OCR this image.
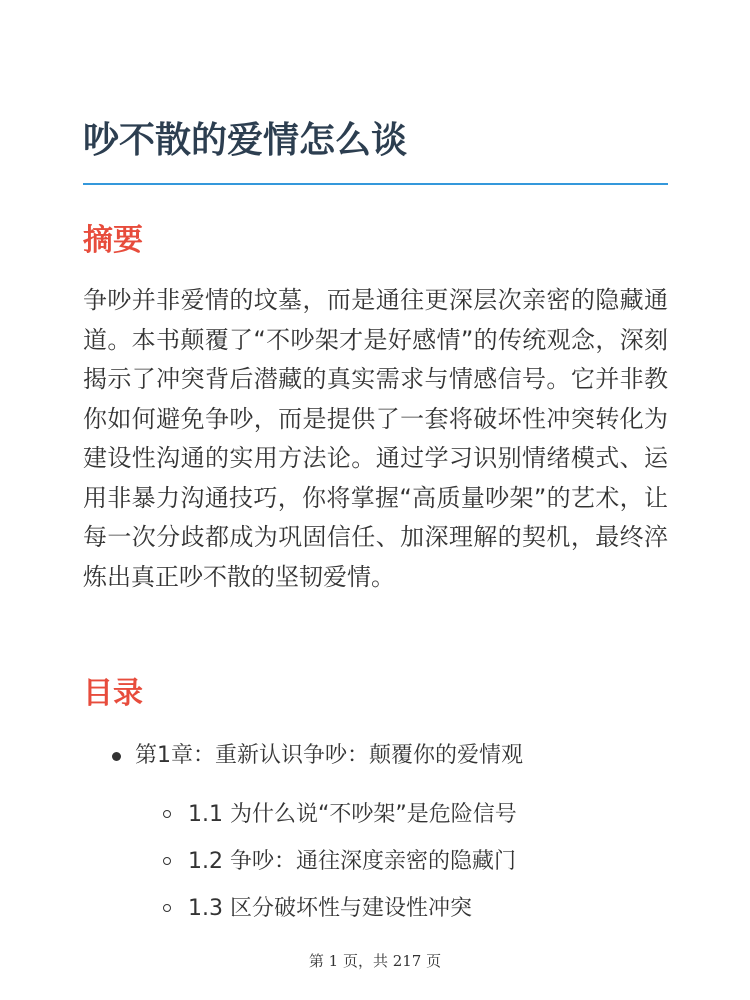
吵不散的爱情怎么谈
摘要

争吵并非爱情的坟墓，而是通往更深层次亲密的隐藏通道。本书颠覆了“不吵架才是好感情”的传统观念，深刻揭示了冲突背后潜藏的真实需求与情感信号。它并非教你如何避免争吵，而是提供了一套将破坏性冲突转化为建设性沟通的实用方法论。通过学习识别情绪模式、运用非暴力沟通技巧，你将掌握“高质量吵架”的艺术，让每一次分歧都成为巩固信任、加深理解的契机，最终淬炼出真正吵不散的坚韧爱情。

目录
第1章：重新认识争吵：颠覆你的爱情观
1.1 为什么说“不吵架”是危险信号
1.2 争吵：通往深度亲密的隐藏门
1.3 区分破坏性与建设性冲突
第 1 页，共 217 页
